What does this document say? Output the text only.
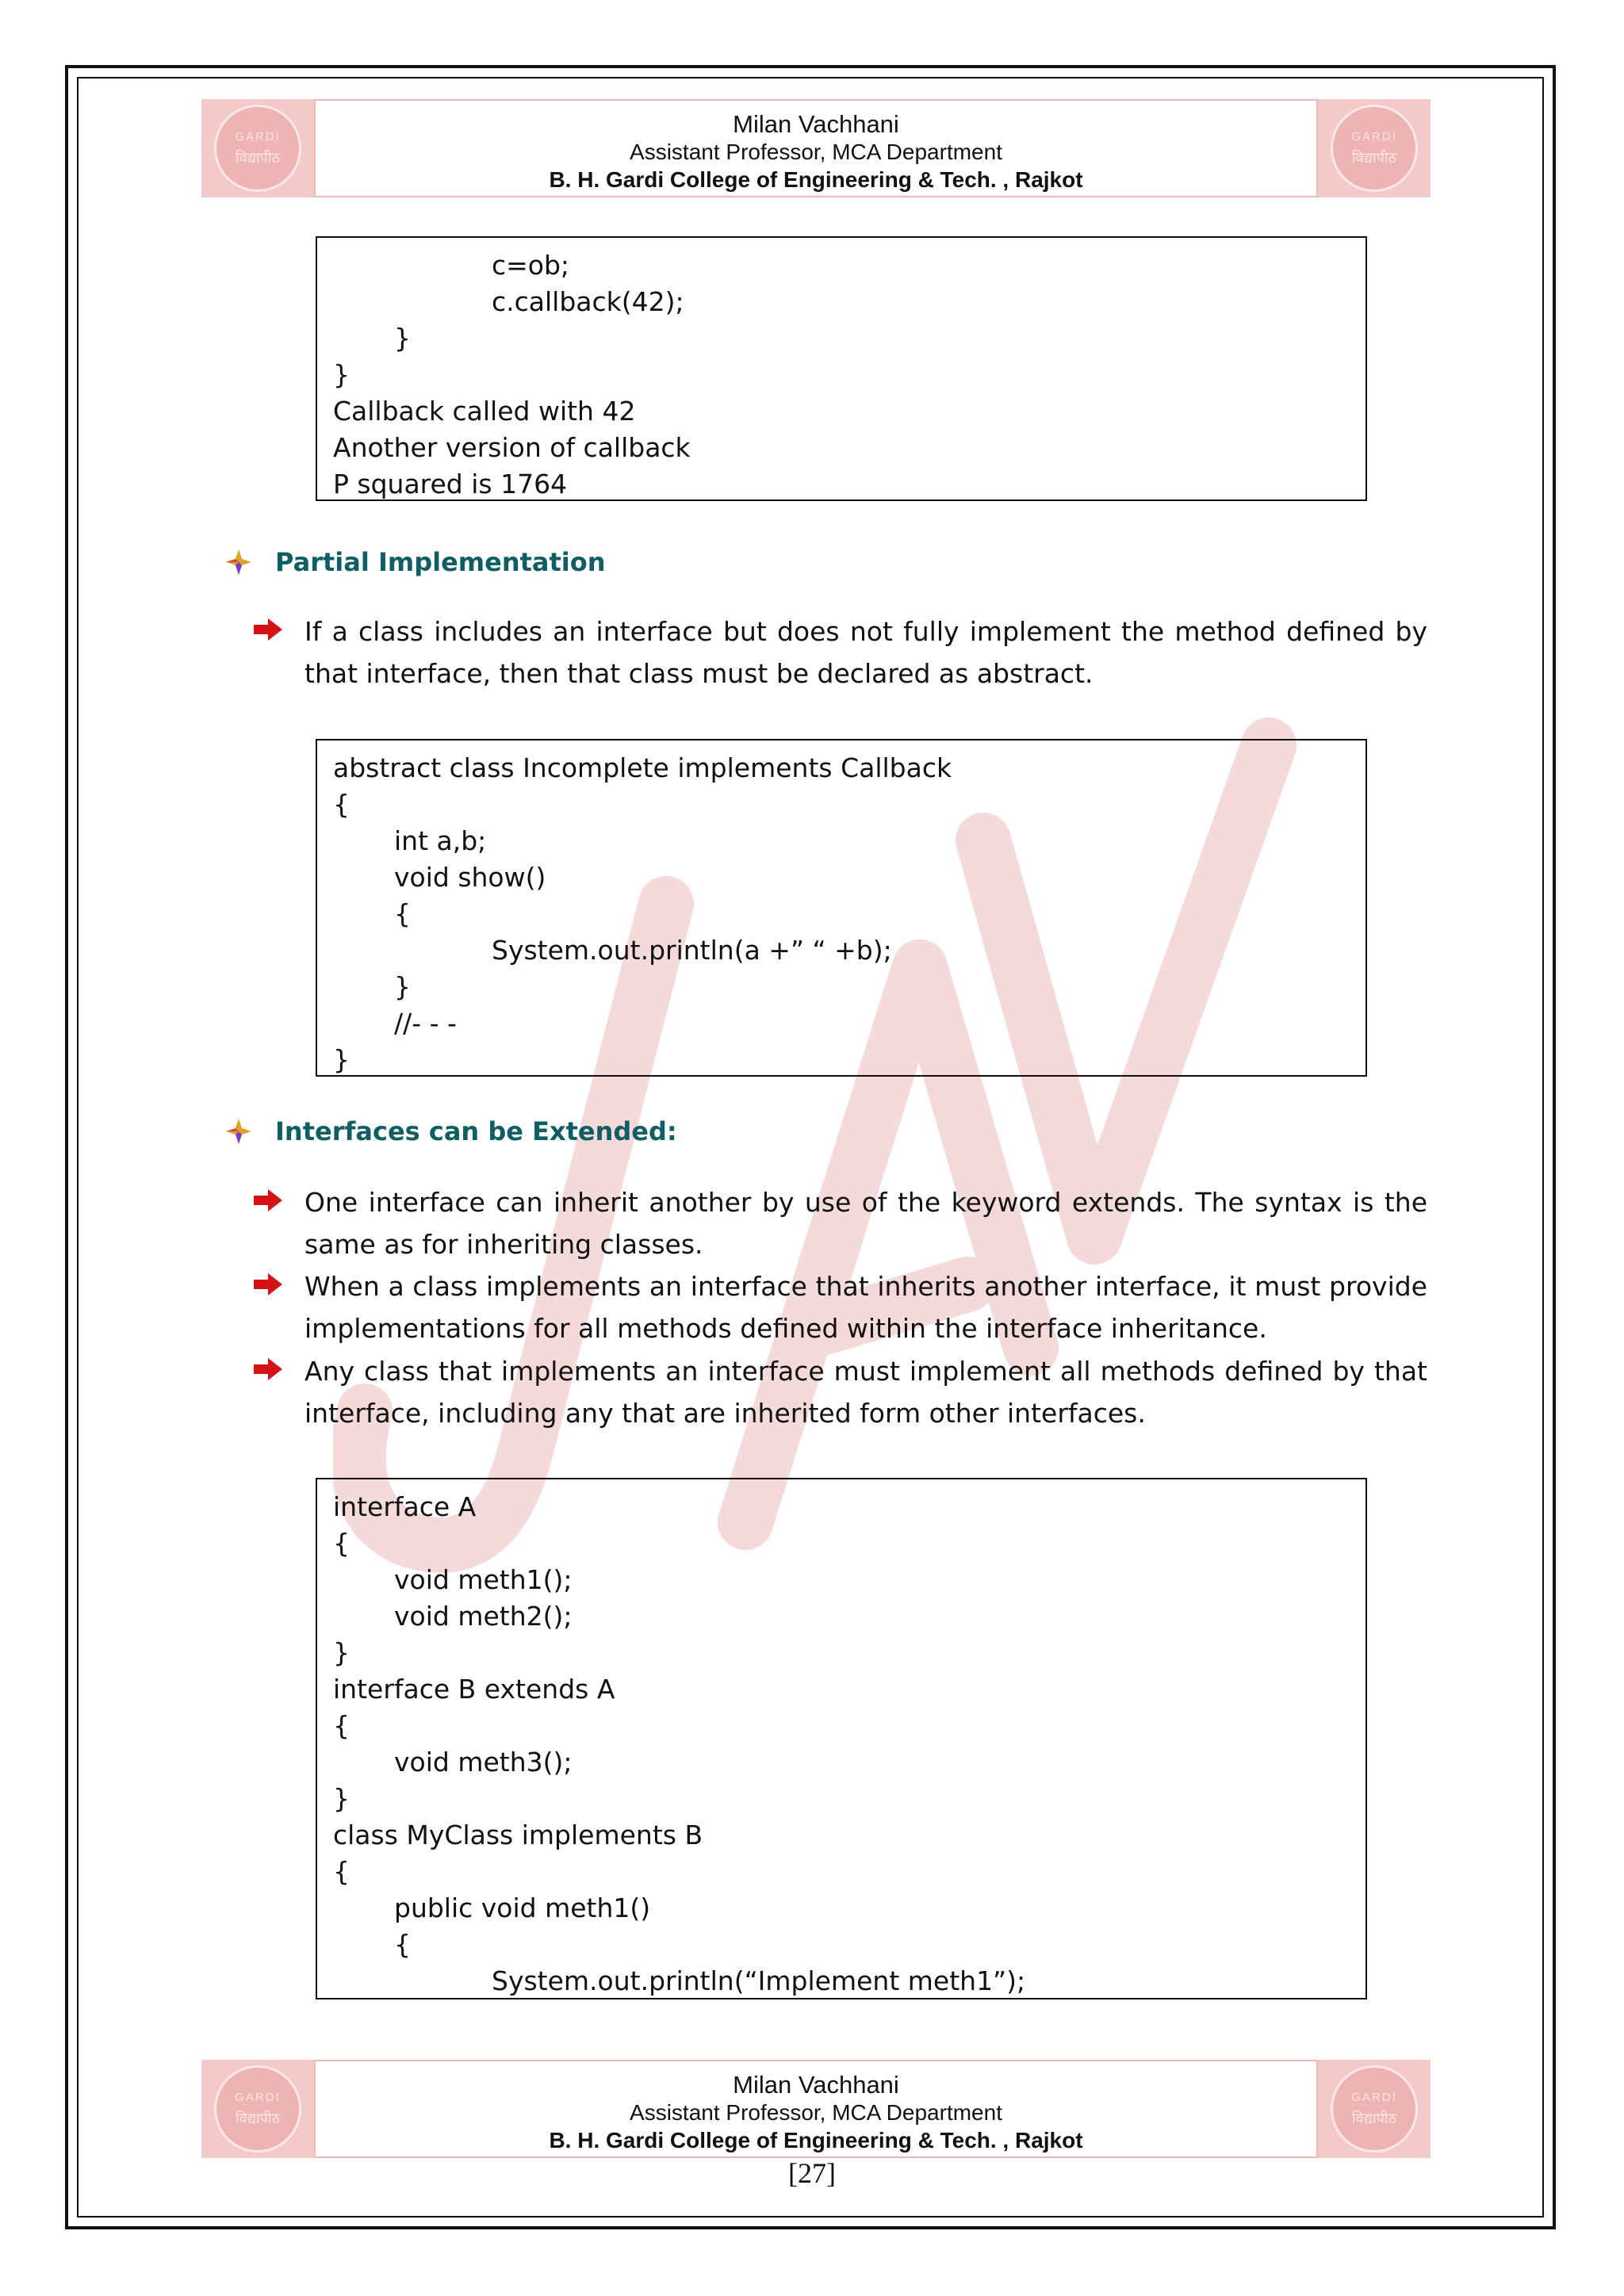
GARDI
विद्यापीठ
Milan Vachhani
Assistant Professor, MCA Department
B. H. Gardi College of Engineering & Tech. , Rajkot
GARDI
विद्यापीठ
c=ob;
c.callback(42);
}
}
Callback called with 42
Another version of callback
P squared is 1764
Partial Implementation
If a class includes an interface but does not fully implement the method defined by that interface, then that class must be declared as abstract.
abstract class Incomplete implements Callback
{
int a,b;
void show()
{
System.out.println(a +” “ +b);
}
//- - -
}
Interfaces can be Extended:
One interface can inherit another by use of the keyword extends. The syntax is the same as for inheriting classes.
When a class implements an interface that inherits another interface, it must provide implementations for all methods defined within the interface inheritance.
Any class that implements an interface must implement all methods defined by that interface, including any that are inherited form other interfaces.
interface A
{
void meth1();
void meth2();
}
interface B extends A
{
void meth3();
}
class MyClass implements B
{
public void meth1()
{
System.out.println(“Implement meth1”);
GARDI
विद्यापीठ
Milan Vachhani
Assistant Professor, MCA Department
B. H. Gardi College of Engineering & Tech. , Rajkot
GARDI
विद्यापीठ
[27]
